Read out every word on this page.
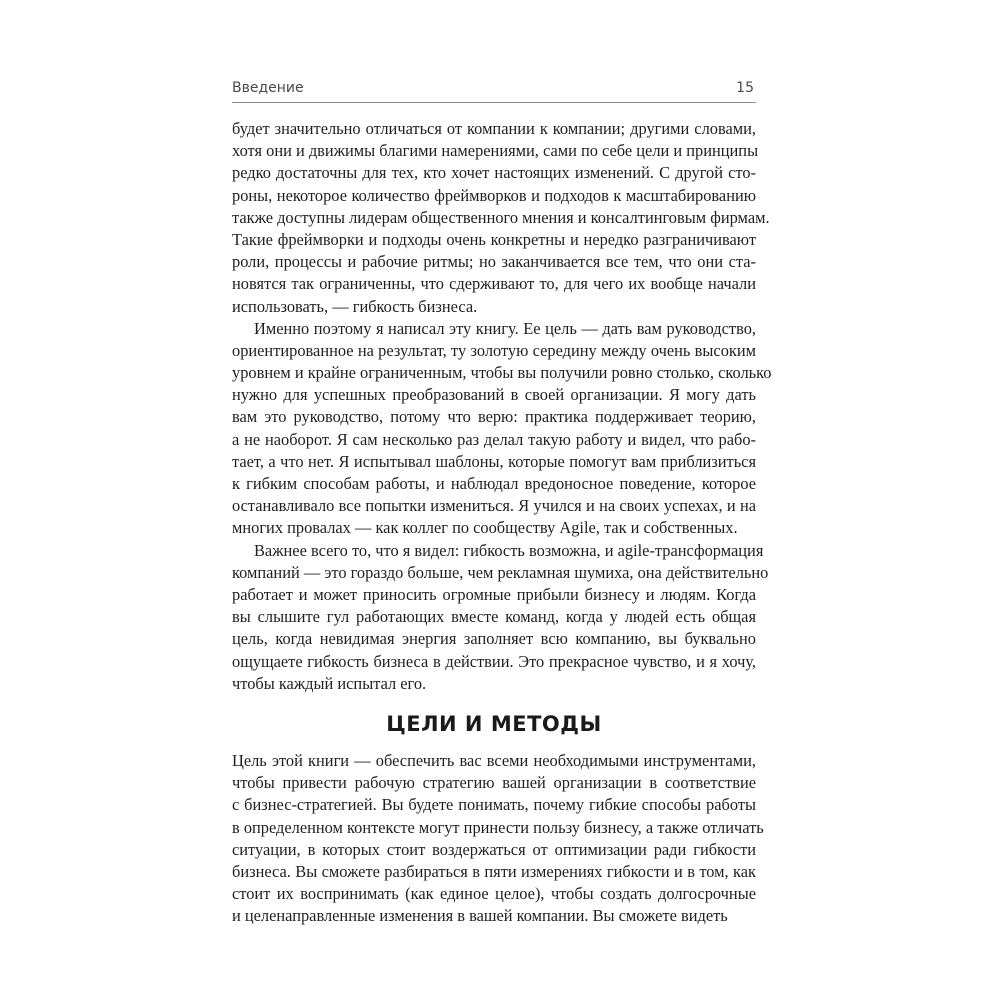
Введение	15
будет значительно отличаться от компании к компании; другими словами,
хотя они и движимы благими намерениями, сами по себе цели и принципы
редко достаточны для тех, кто хочет настоящих изменений. С другой сто-
роны, некоторое количество фреймворков и подходов к масштабированию
также доступны лидерам общественного мнения и консалтинговым фирмам.
Такие фреймворки и подходы очень конкретны и нередко разграничивают
роли, процессы и рабочие ритмы; но заканчивается все тем, что они ста-
новятся так ограниченны, что сдерживают то, для чего их вообще начали
использовать, — гибкость бизнеса.
Именно поэтому я написал эту книгу. Ее цель — дать вам руководство,
ориентированное на результат, ту золотую середину между очень высоким
уровнем и крайне ограниченным, чтобы вы получили ровно столько, сколько
нужно для успешных преобразований в своей организации. Я могу дать
вам это руководство, потому что верю: практика поддерживает теорию,
а не наоборот. Я сам несколько раз делал такую работу и видел, что рабо-
тает, а что нет. Я испытывал шаблоны, которые помогут вам приблизиться
к гибким способам работы, и наблюдал вредоносное поведение, которое
останавливало все попытки измениться. Я учился и на своих успехах, и на
многих провалах — как коллег по сообществу Agile, так и собственных.
Важнее всего то, что я видел: гибкость возможна, и agile-трансформация
компаний — это гораздо больше, чем рекламная шумиха, она действительно
работает и может приносить огромные прибыли бизнесу и людям. Когда
вы слышите гул работающих вместе команд, когда у людей есть общая
цель, когда невидимая энергия заполняет всю компанию, вы буквально
ощущаете гибкость бизнеса в действии. Это прекрасное чувство, и я хочу,
чтобы каждый испытал его.
ЦЕЛИ И МЕТОДЫ
Цель этой книги — обеспечить вас всеми необходимыми инструментами,
чтобы привести рабочую стратегию вашей организации в соответствие
с бизнес-стратегией. Вы будете понимать, почему гибкие способы работы
в определенном контексте могут принести пользу бизнесу, а также отличать
ситуации, в которых стоит воздержаться от оптимизации ради гибкости
бизнеса. Вы сможете разбираться в пяти измерениях гибкости и в том, как
стоит их воспринимать (как единое целое), чтобы создать долгосрочные
и целенаправленные изменения в вашей компании. Вы сможете видеть
